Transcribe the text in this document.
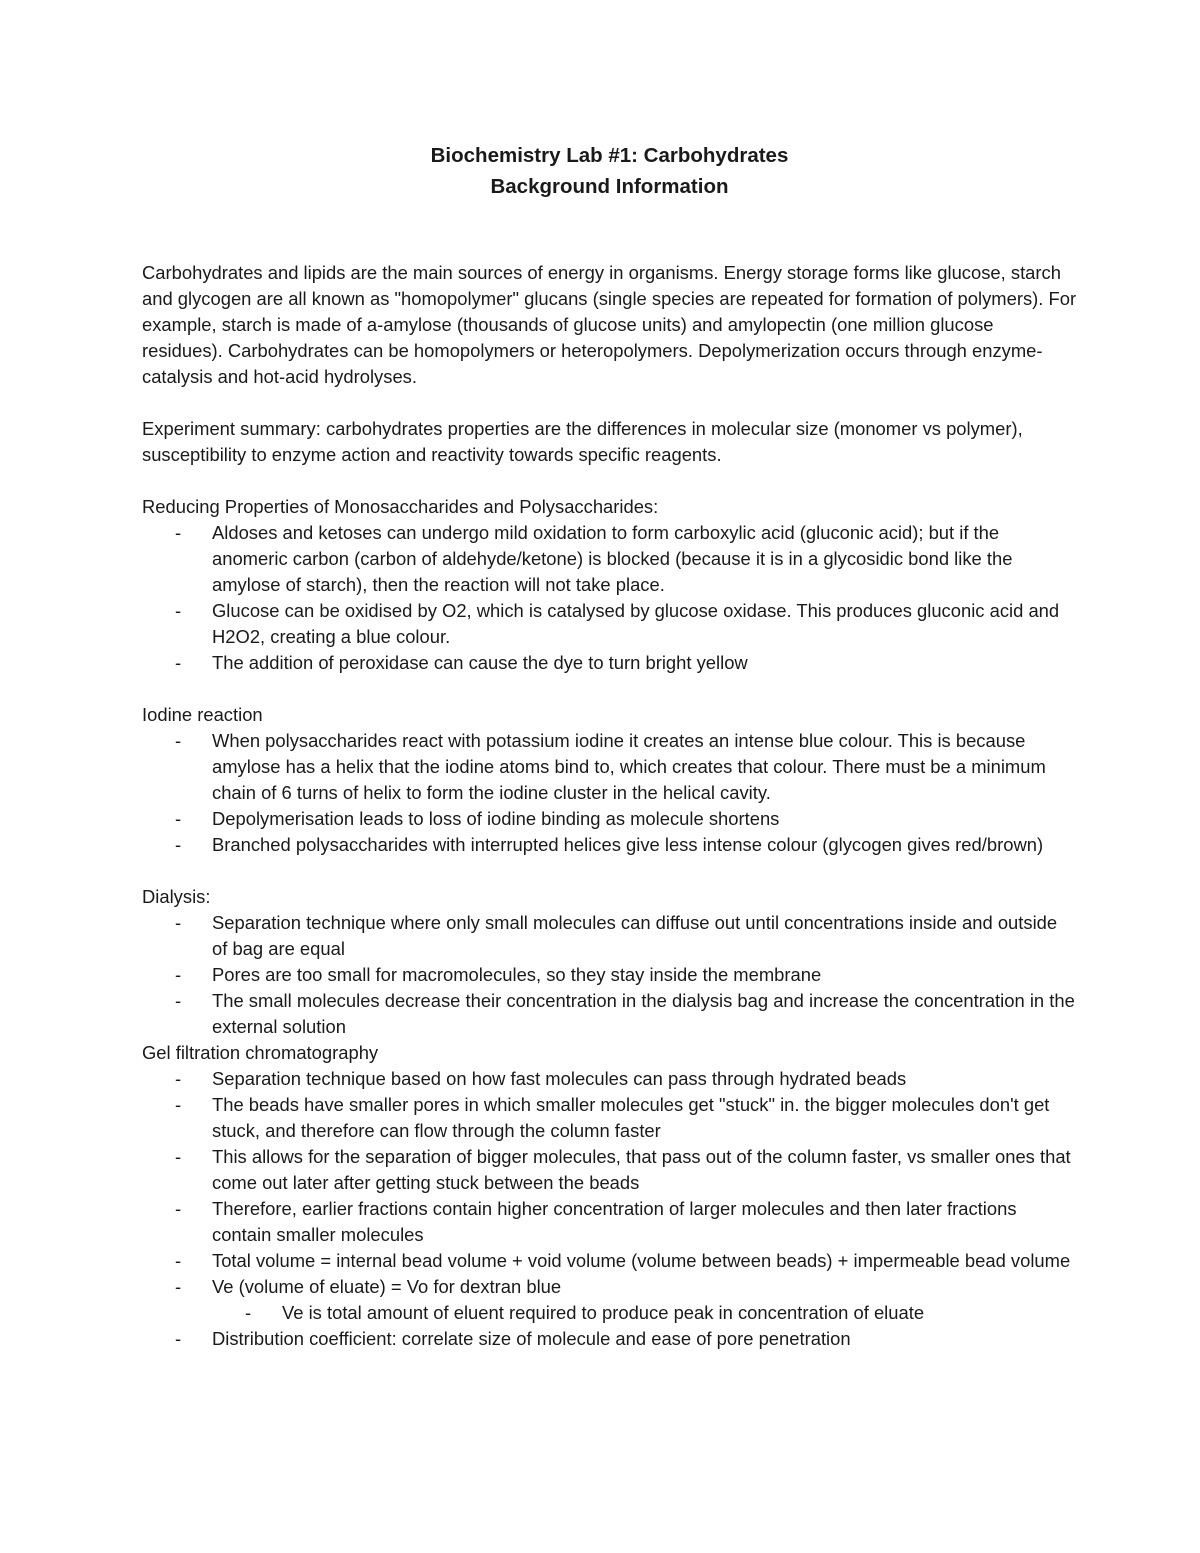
Biochemistry Lab #1: Carbohydrates
Background Information

Carbohydrates and lipids are the main sources of energy in organisms. Energy storage forms like glucose, starch and glycogen are all known as "homopolymer" glucans (single species are repeated for formation of polymers). For example, starch is made of a-amylose (thousands of glucose units) and amylopectin (one million glucose residues). Carbohydrates can be homopolymers or heteropolymers. Depolymerization occurs through enzyme-catalysis and hot-acid hydrolyses.

Experiment summary: carbohydrates properties are the differences in molecular size (monomer vs polymer), susceptibility to enzyme action and reactivity towards specific reagents.

Reducing Properties of Monosaccharides and Polysaccharides:

- Aldoses and ketoses can undergo mild oxidation to form carboxylic acid (gluconic acid); but if the anomeric carbon (carbon of aldehyde/ketone) is blocked (because it is in a glycosidic bond like the amylose of starch), then the reaction will not take place.
- Glucose can be oxidised by O2, which is catalysed by glucose oxidase. This produces gluconic acid and H2O2, creating a blue colour.
- The addition of peroxidase can cause the dye to turn bright yellow

Iodine reaction

- When polysaccharides react with potassium iodine it creates an intense blue colour. This is because amylose has a helix that the iodine atoms bind to, which creates that colour. There must be a minimum chain of 6 turns of helix to form the iodine cluster in the helical cavity.
- Depolymerisation leads to loss of iodine binding as molecule shortens
- Branched polysaccharides with interrupted helices give less intense colour (glycogen gives red/brown)

Dialysis:

- Separation technique where only small molecules can diffuse out until concentrations inside and outside of bag are equal
- Pores are too small for macromolecules, so they stay inside the membrane
- The small molecules decrease their concentration in the dialysis bag and increase the concentration in the external solution

Gel filtration chromatography

- Separation technique based on how fast molecules can pass through hydrated beads
- The beads have smaller pores in which smaller molecules get "stuck" in. the bigger molecules don't get stuck, and therefore can flow through the column faster
- This allows for the separation of bigger molecules, that pass out of the column faster, vs smaller ones that come out later after getting stuck between the beads
- Therefore, earlier fractions contain higher concentration of larger molecules and then later fractions contain smaller molecules
- Total volume = internal bead volume + void volume (volume between beads) + impermeable bead volume
- Ve (volume of eluate) = Vo for dextran blue
- Ve is total amount of eluent required to produce peak in concentration of eluate
- Distribution coefficient: correlate size of molecule and ease of pore penetration
